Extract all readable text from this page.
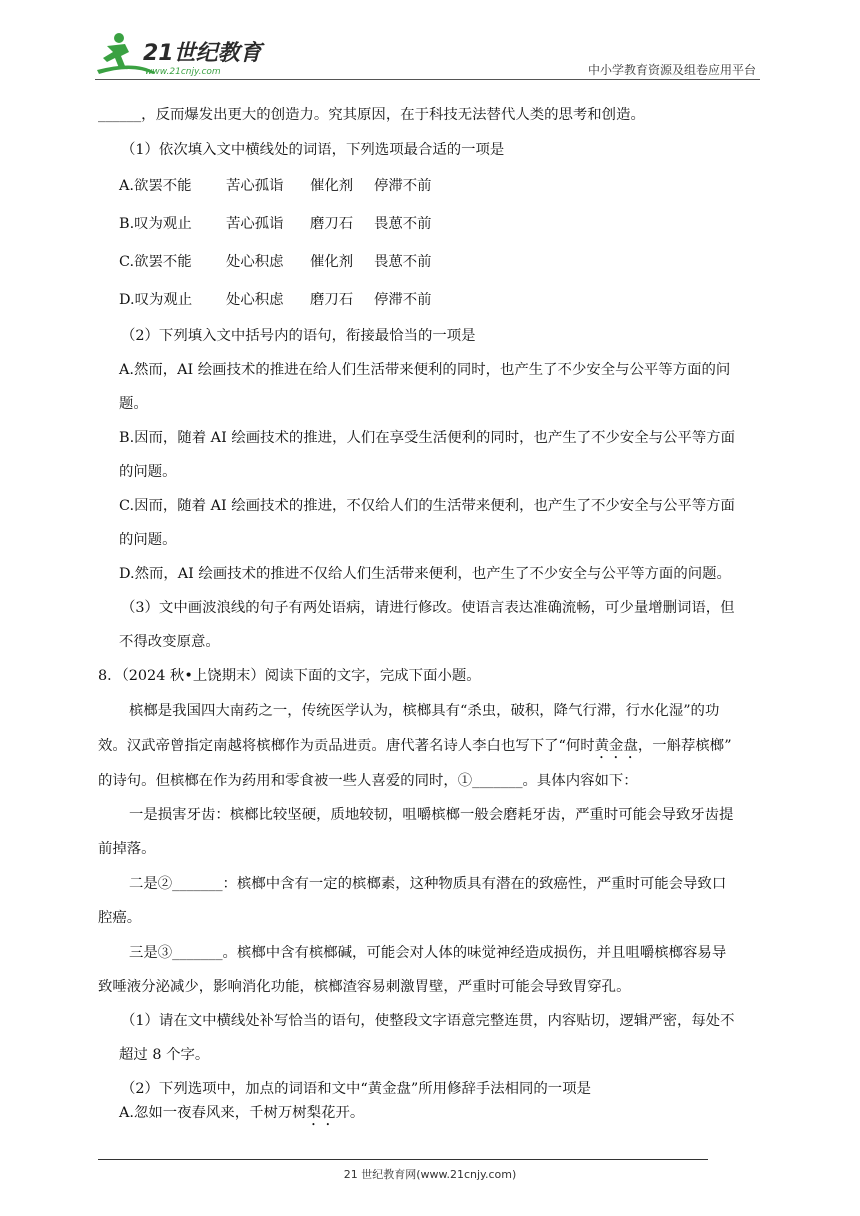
21世纪教育
www.21cnjy.com	中小学教育资源及组卷应用平台
______，反而爆发出更大的创造力。究其原因，在于科技无法替代人类的思考和创造。
（1）依次填入文中横线处的词语，下列选项最合适的一项是
A.欲罢不能 苦心孤诣 催化剂 停滞不前
B.叹为观止 苦心孤诣 磨刀石 畏葸不前
C.欲罢不能 处心积虑 催化剂 畏葸不前
D.叹为观止 处心积虑 磨刀石 停滞不前
（2）下列填入文中括号内的语句，衔接最恰当的一项是
A.然而，AI 绘画技术的推进在给人们生活带来便利的同时，也产生了不少安全与公平等方面的问
题。
B.因而，随着 AI 绘画技术的推进，人们在享受生活便利的同时，也产生了不少安全与公平等方面
的问题。
C.因而，随着 AI 绘画技术的推进，不仅给人们的生活带来便利，也产生了不少安全与公平等方面
的问题。
D.然而，AI 绘画技术的推进不仅给人们生活带来便利，也产生了不少安全与公平等方面的问题。
（3）文中画波浪线的句子有两处语病，请进行修改。使语言表达准确流畅，可少量增删词语，但
不得改变原意。
8．（2024 秋•上饶期末）阅读下面的文字，完成下面小题。
槟榔是我国四大南药之一，传统医学认为，槟榔具有“杀虫，破积，降气行滞，行水化湿”的功
效。汉武帝曾指定南越将槟榔作为贡品进贡。唐代著名诗人李白也写下了“何时黄金盘，一斛荐槟榔”
的诗句。但槟榔在作为药用和零食被一些人喜爱的同时，①_______。具体内容如下：
一是损害牙齿：槟榔比较坚硬，质地较韧，咀嚼槟榔一般会磨耗牙齿，严重时可能会导致牙齿提
前掉落。
二是②_______：槟榔中含有一定的槟榔素，这种物质具有潜在的致癌性，严重时可能会导致口
腔癌。
三是③_______。槟榔中含有槟榔碱，可能会对人体的味觉神经造成损伤，并且咀嚼槟榔容易导
致唾液分泌减少，影响消化功能，槟榔渣容易刺激胃壁，严重时可能会导致胃穿孔。
（1）请在文中横线处补写恰当的语句，使整段文字语意完整连贯，内容贴切，逻辑严密，每处不
超过 8 个字。
（2）下列选项中，加点的词语和文中“黄金盘”所用修辞手法相同的一项是
A.忽如一夜春风来，千树万树梨花开。
21 世纪教育网(www.21cnjy.com)
